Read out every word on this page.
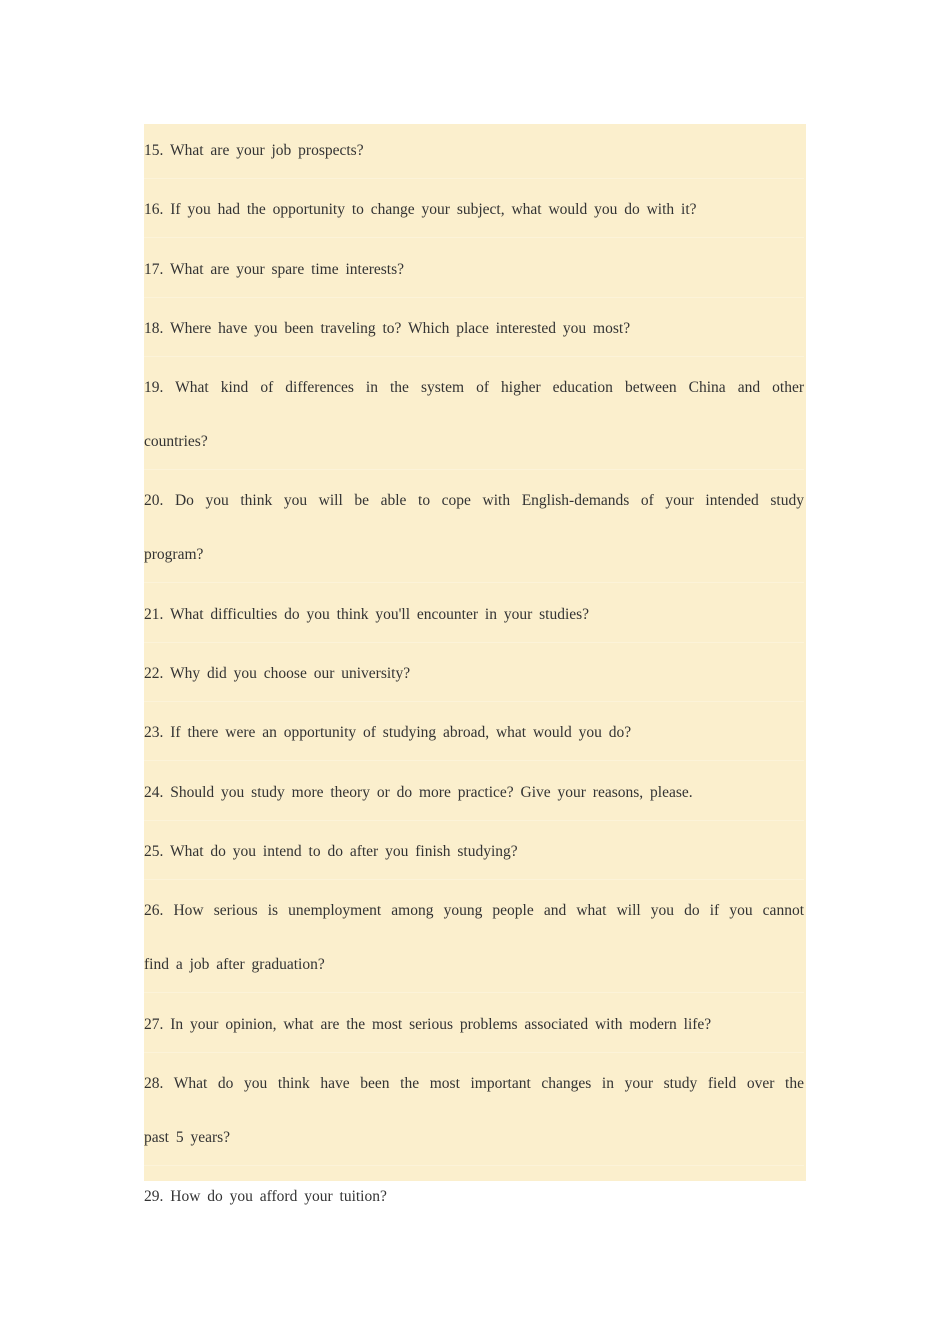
15. What are your job prospects?

16. If you had the opportunity to change your subject, what would you do with it?

17. What are your spare time interests?

18. Where have you been traveling to? Which place interested you most?

19. What kind of differences in the system of higher education between China and other
countries?

20. Do you think you will be able to cope with English-demands of your intended study
program?

21. What difficulties do you think you'll encounter in your studies?

22. Why did you choose our university?

23. If there were an opportunity of studying abroad, what would you do?

24. Should you study more theory or do more practice? Give your reasons, please.

25. What do you intend to do after you finish studying?

26. How serious is unemployment among young people and what will you do if you cannot
find a job after graduation?

27. In your opinion, what are the most serious problems associated with modern life?

28. What do you think have been the most important changes in your study field over the
past 5 years?

29. How do you afford your tuition?
